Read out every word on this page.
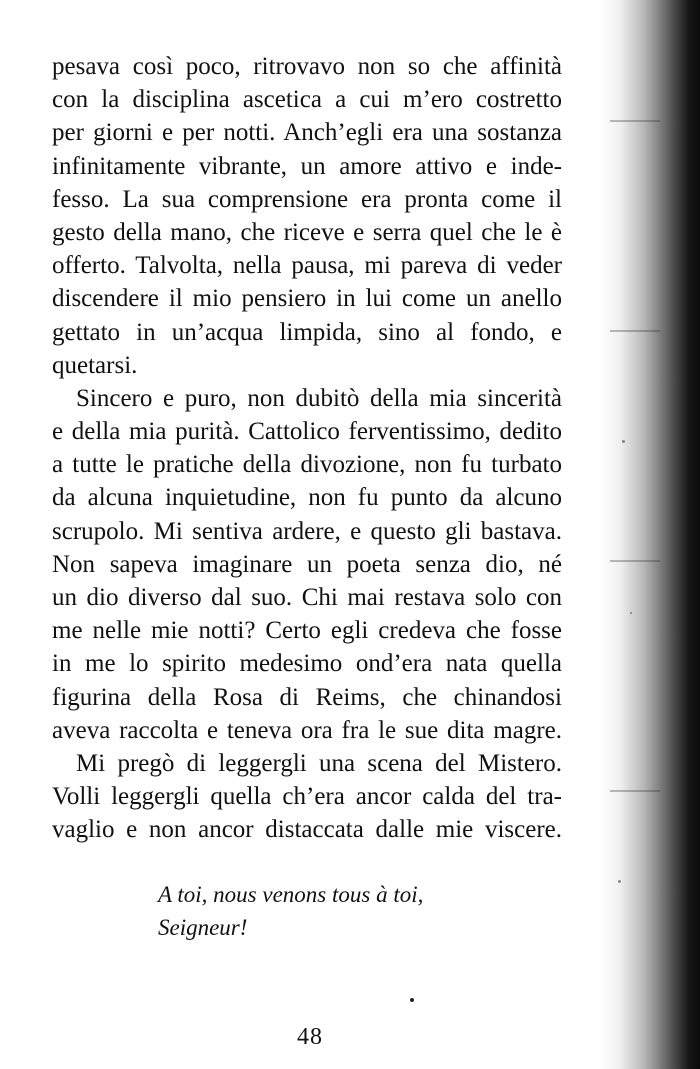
pesava così poco, ritrovavo non so che affinità
con la disciplina ascetica a cui m’ero costretto
per giorni e per notti. Anch’egli era una sostanza
infinitamente vibrante, un amore attivo e inde-
fesso. La sua comprensione era pronta come il
gesto della mano, che riceve e serra quel che le è
offerto. Talvolta, nella pausa, mi pareva di veder
discendere il mio pensiero in lui come un anello
gettato in un’acqua limpida, sino al fondo, e
quetarsi.
Sincero e puro, non dubitò della mia sincerità
e della mia purità. Cattolico ferventissimo, dedito
a tutte le pratiche della divozione, non fu turbato
da alcuna inquietudine, non fu punto da alcuno
scrupolo. Mi sentiva ardere, e questo gli bastava.
Non sapeva imaginare un poeta senza dio, né
un dio diverso dal suo. Chi mai restava solo con
me nelle mie notti? Certo egli credeva che fosse
in me lo spirito medesimo ond’era nata quella
figurina della Rosa di Reims, che chinandosi
aveva raccolta e teneva ora fra le sue dita magre.
Mi pregò di leggergli una scena del Mistero.
Volli leggergli quella ch’era ancor calda del tra-
vaglio e non ancor distaccata dalle mie viscere.
A toi, nous venons tous à toi,
Seigneur!
48
